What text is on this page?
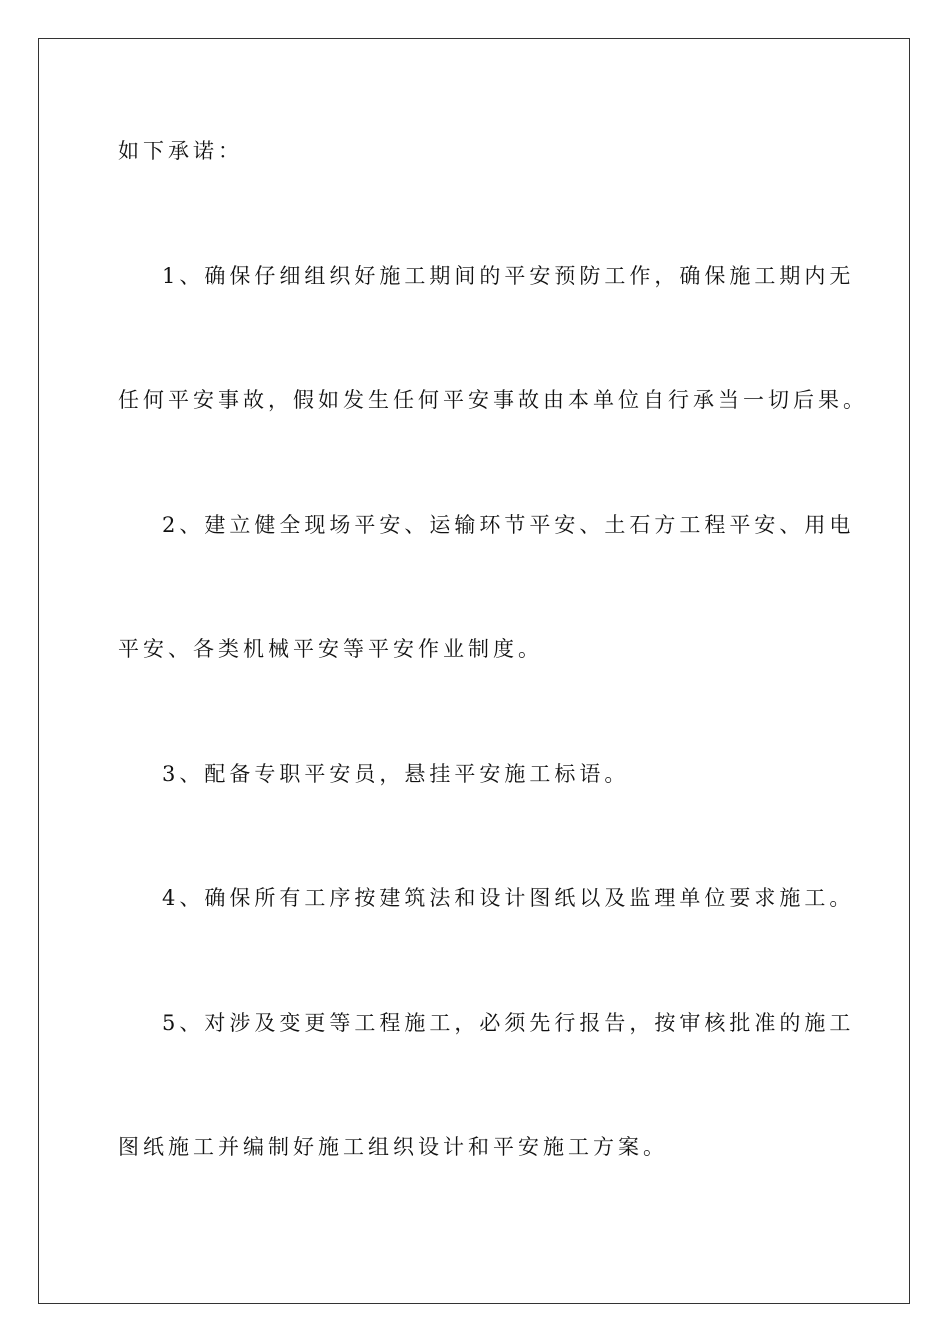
如下承诺：

1、确保仔细组织好施工期间的平安预防工作，确保施工期内无

任何平安事故，假如发生任何平安事故由本单位自行承当一切后果。

2、建立健全现场平安、运输环节平安、土石方工程平安、用电

平安、各类机械平安等平安作业制度。

3、配备专职平安员，悬挂平安施工标语。

4、确保所有工序按建筑法和设计图纸以及监理单位要求施工。

5、对涉及变更等工程施工，必须先行报告，按审核批准的施工

图纸施工并编制好施工组织设计和平安施工方案。
